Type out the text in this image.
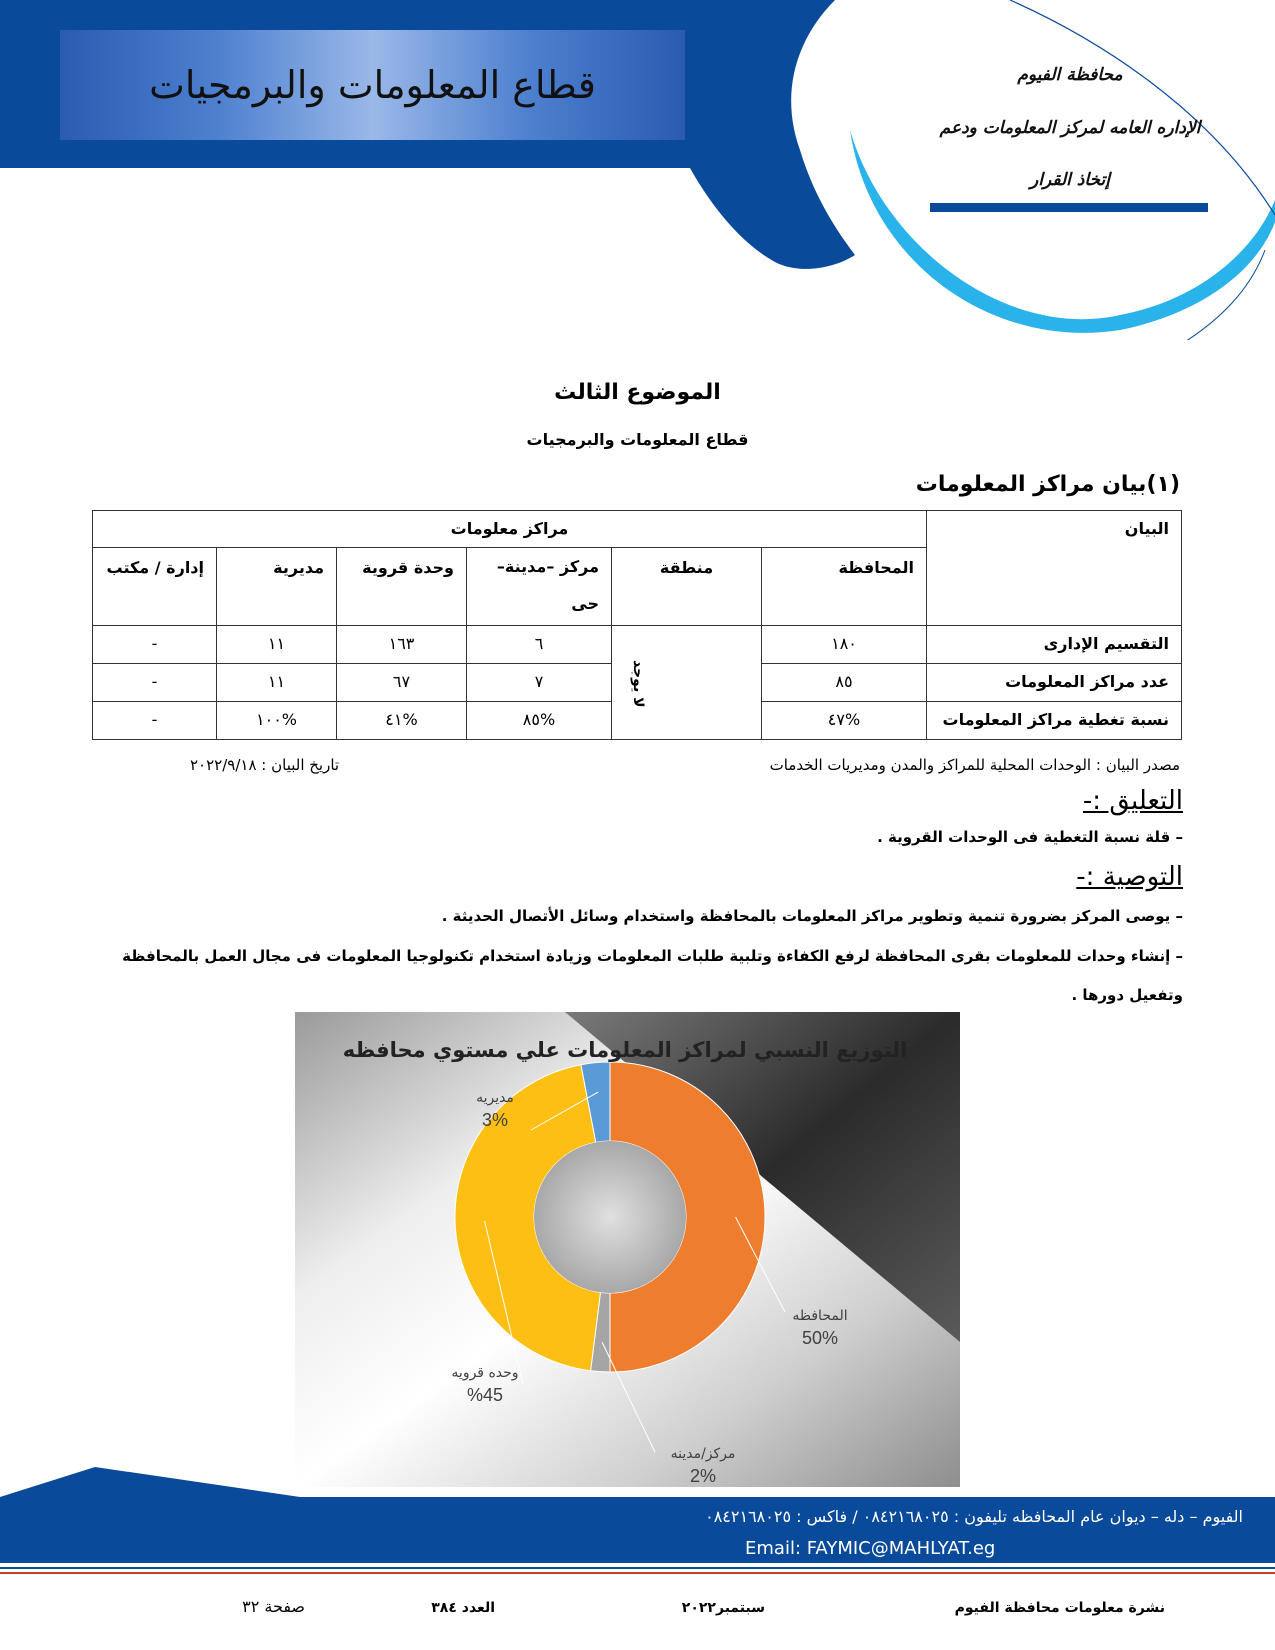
قطاع المعلومات والبرمجيات	محافظة الفيوم
الإداره العامه لمركز المعلومات ودعم
إتخاذ القرار
الموضوع الثالث
قطاع المعلومات والبرمجيات
(١)بيان مراكز المعلومات
البيان	مراكز معلومات					
	المحافظة	منطقة	مركز –مدينة–حى	وحدة قروية	مديرية	إدارة / مكتب
التقسيم الإدارى	١٨٠	لا يوجد	٦	١٦٣	١١	-
عدد مراكز المعلومات	٨٥		٧	٦٧	١١	-
نسبة تغطية مراكز المعلومات	%٤٧		%٨٥	%٤١	%١٠٠	-
مصدر البيان : الوحدات المحلية للمراكز والمدن ومديريات الخدمات
تاريخ البيان : ٢٠٢٢/٩/١٨
التعليق :-
– قلة نسبة التغطية فى الوحدات القروية .
التوصية :-
– يوصى المركز بضرورة تنمية وتطوير مراكز المعلومات بالمحافظة واستخدام وسائل الأتصال الحديثة .
– إنشاء وحدات للمعلومات بقرى المحافظة لرفع الكفاءة وتلبية طلبات المعلومات وزيادة استخدام تكنولوجيا المعلومات فى مجال العمل بالمحافظة
وتفعيل دورها .
التوزيع النسبي لمراكز المعلومات علي مستوي محافظه
المحافظه
50%
مركز/مدينه
2%
وحده قرويه
%45
مديريه
3%
الفيوم – دله – ديوان عام المحافظه تليفون : ٠٨٤٢١٦٨٠٢٥ / فاكس : ٠٨٤٢١٦٨٠٢٥
Email: FAYMIC@MAHLYAT.eg
نشرة معلومات محافظة الفيوم
سبتمبر٢٠٢٢
العدد ٣٨٤
صفحة ٣٢
